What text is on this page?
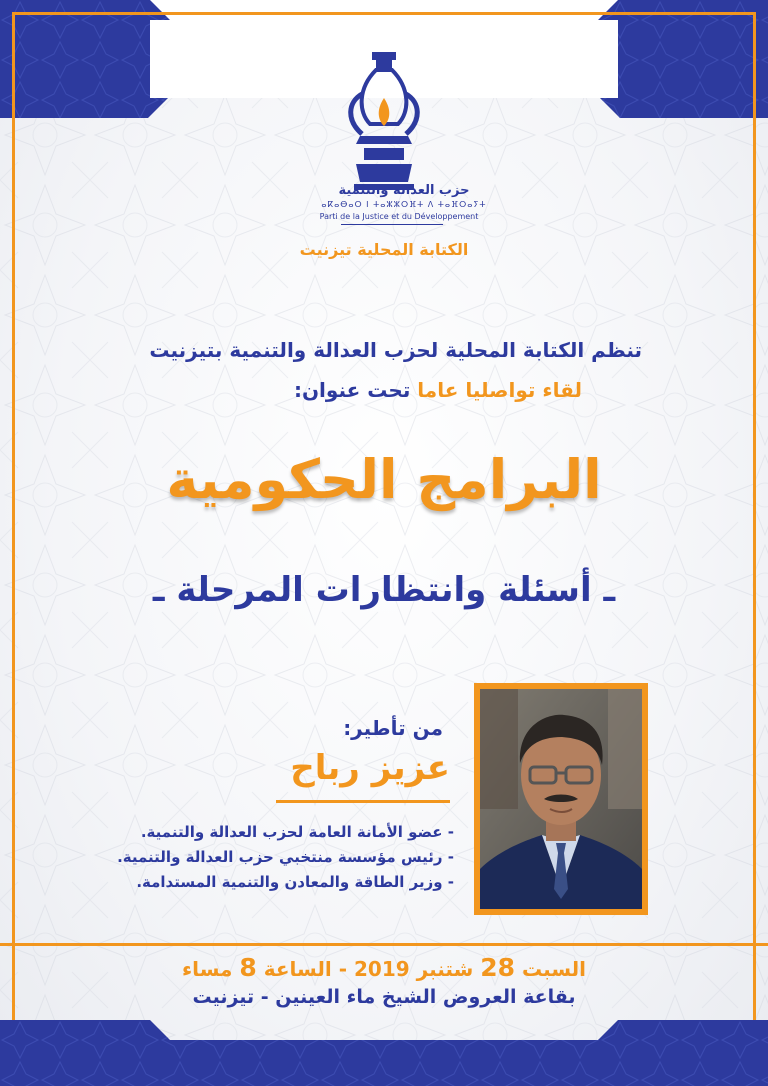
حزب العدالة والتنمية
ⴰⴽⴰⴱⴰⵔ ⵏ ⵜⴰⵣⵣⵔⴼⵜ ⴷ ⵜⴰⴼⵔⴰⵢⵜ
Parti de la Justice et du Développement
الكتابة المحلية تيزنيت
تنظم الكتابة المحلية لحزب العدالة والتنمية بتيزنيت
لقاء تواصليا عاما تحت عنوان:
البرامج الحكومية
ـ أسئلة وانتظارات المرحلة ـ
من تأطير:
عزيز رباح
- عضو الأمانة العامة لحزب العدالة والتنمية.
- رئيس مؤسسة منتخبي حزب العدالة والتنمية.
- وزير الطاقة والمعادن والتنمية المستدامة.
السبت 28 شتنبر 2019 - الساعة 8 مساء
بقاعة العروض الشيخ ماء العينين - تيزنيت
